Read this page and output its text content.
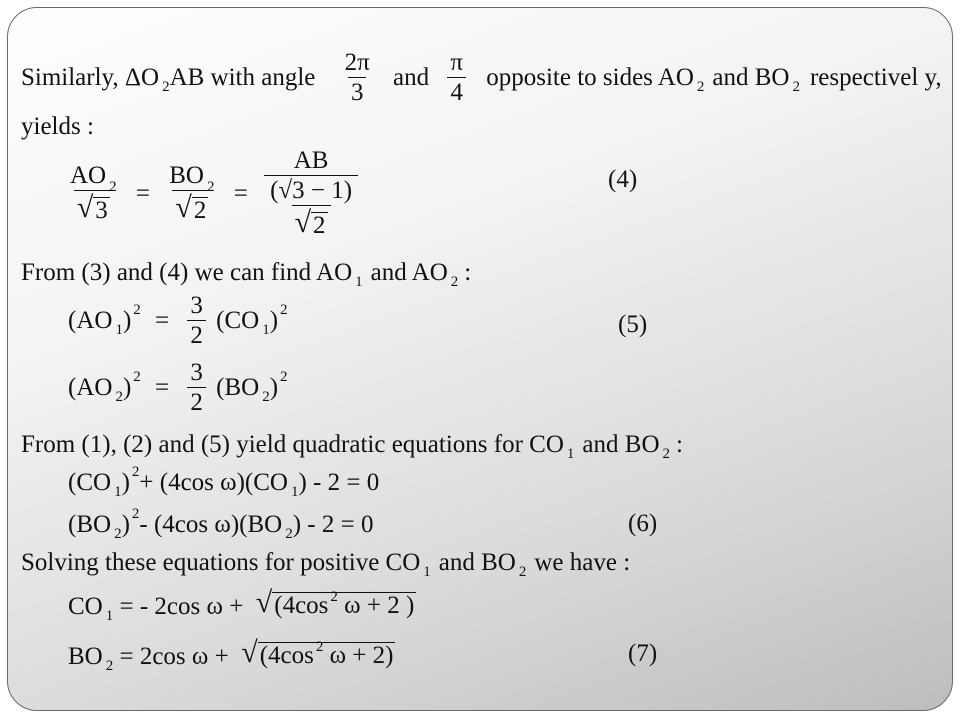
Similarly, ΔO $_2$AB with angle $\frac{2\pi}{3}$ and $\frac{\pi}{4}$ opposite to sides AO $_2$and BO $_2$respectivel y,
yields :
$\frac{AO _2}{√ 3} = \frac{BO _2}{√ 2} = \frac{AB}{\frac{(√3 - 1)}{√ 2}}$	(4)
From (3) and (4) we can find AO $_1$and AO $_2$:
(AO $_1$) $^2 = \frac{3}{2} (CO$ $_1$) $^2$
(5)
(AO $_2$) $^2 = \frac{3}{2} (BO$ $_2$) $^2$
From (1), (2) and (5) yield quadratic equations for CO $_1$and BO $_2$:
(CO $_1$) $^2$+ (4cos ω)(CO $_1$) - 2 = 0
(BO $_2$) $^2$- (4cos ω)(BO $_2$) - 2 = 0	(6)
Solving these equations for positive CO $_1$and BO $_2$we have :
CO $_1$ = - 2cos ω + √ (4cos $^2$ ω + 2 )
BO $_2$ = 2cos ω + √ (4cos $^2$ ω + 2)	(7)
